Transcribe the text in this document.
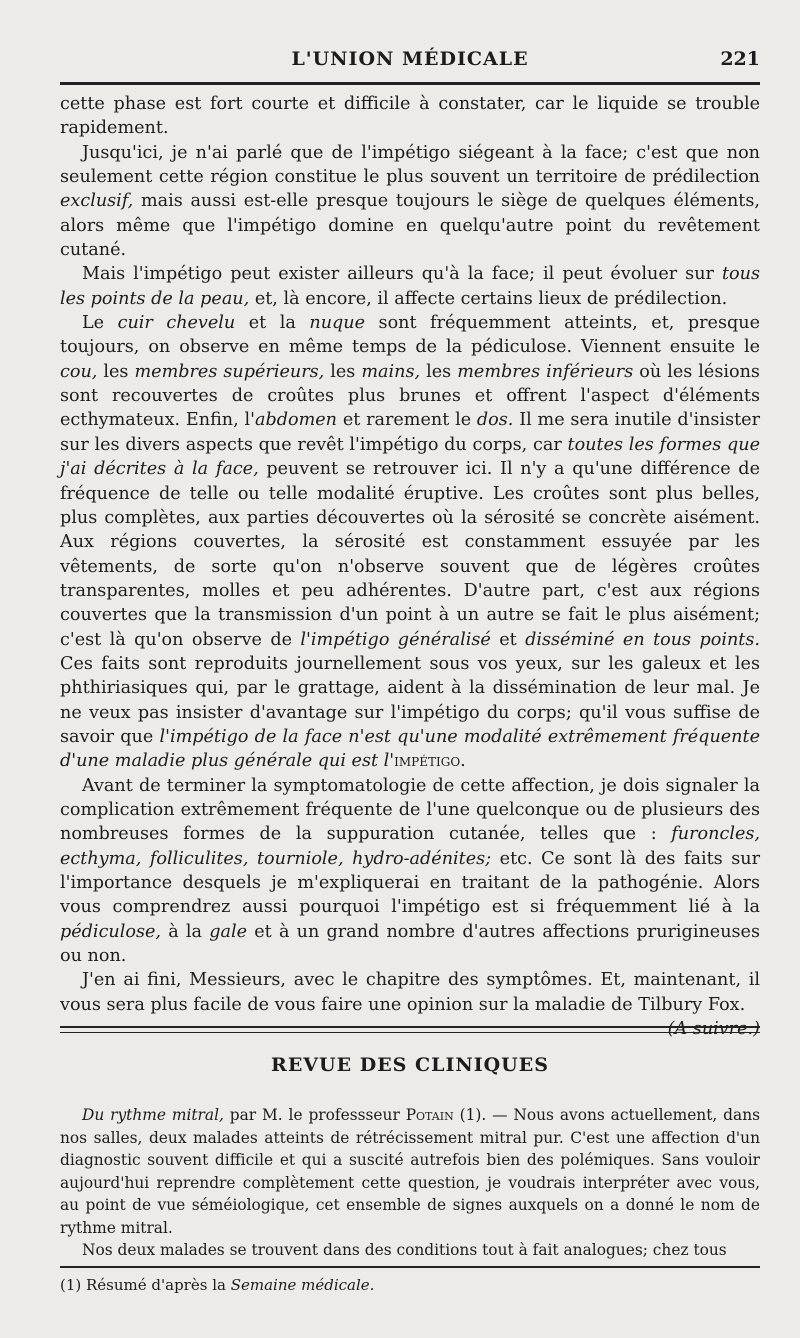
L'UNION MÉDICALE	221

cette phase est fort courte et difficile à constater, car le liquide se trouble rapidement.

Jusqu'ici, je n'ai parlé que de l'impétigo siégeant à la face; c'est que non seulement cette région constitue le plus souvent un territoire de prédilection exclusif, mais aussi est-elle presque toujours le siège de quelques éléments, alors même que l'impétigo domine en quelqu'autre point du revêtement cutané.

Mais l'impétigo peut exister ailleurs qu'à la face; il peut évoluer sur tous les points de la peau, et, là encore, il affecte certains lieux de prédilection.

Le cuir chevelu et la nuque sont fréquemment atteints, et, presque toujours, on observe en même temps de la pédiculose. Viennent ensuite le cou, les membres supérieurs, les mains, les membres inférieurs où les lésions sont recouvertes de croûtes plus brunes et offrent l'aspect d'éléments ecthymateux. Enfin, l'abdomen et rarement le dos. Il me sera inutile d'insister sur les divers aspects que revêt l'impétigo du corps, car toutes les formes que j'ai décrites à la face, peuvent se retrouver ici. Il n'y a qu'une différence de fréquence de telle ou telle modalité éruptive. Les croûtes sont plus belles, plus complètes, aux parties découvertes où la sérosité se concrète aisément. Aux régions couvertes, la sérosité est constamment essuyée par les vêtements, de sorte qu'on n'observe souvent que de légères croûtes transparentes, molles et peu adhérentes. D'autre part, c'est aux régions couvertes que la transmission d'un point à un autre se fait le plus aisément; c'est là qu'on observe de l'impétigo généralisé et disséminé en tous points. Ces faits sont reproduits journellement sous vos yeux, sur les galeux et les phthiriasiques qui, par le grattage, aident à la dissémination de leur mal. Je ne veux pas insister d'avantage sur l'impétigo du corps; qu'il vous suffise de savoir que l'impétigo de la face n'est qu'une modalité extrêmement fréquente d'une maladie plus générale qui est l'impétigo.

Avant de terminer la symptomatologie de cette affection, je dois signaler la complication extrêmement fréquente de l'une quelconque ou de plusieurs des nombreuses formes de la suppuration cutanée, telles que : furoncles, ecthyma, folliculites, tourniole, hydro-adénites; etc. Ce sont là des faits sur l'importance desquels je m'expliquerai en traitant de la pathogénie. Alors vous comprendrez aussi pourquoi l'impétigo est si fréquemment lié à la pédiculose, à la gale et à un grand nombre d'autres affections prurigineuses ou non.

J'en ai fini, Messieurs, avec le chapitre des symptômes. Et, maintenant, il vous sera plus facile de vous faire une opinion sur la maladie de Tilbury Fox.

(A suivre.)

REVUE DES CLINIQUES

Du rythme mitral, par M. le professseur Potain (1). — Nous avons actuellement, dans nos salles, deux malades atteints de rétrécissement mitral pur. C'est une affection d'un diagnostic souvent difficile et qui a suscité autrefois bien des polémiques. Sans vouloir aujourd'hui reprendre complètement cette question, je voudrais interpréter avec vous, au point de vue séméiologique, cet ensemble de signes auxquels on a donné le nom de rythme mitral.

Nos deux malades se trouvent dans des conditions tout à fait analogues; chez tous

(1) Résumé d'après la Semaine médicale.
